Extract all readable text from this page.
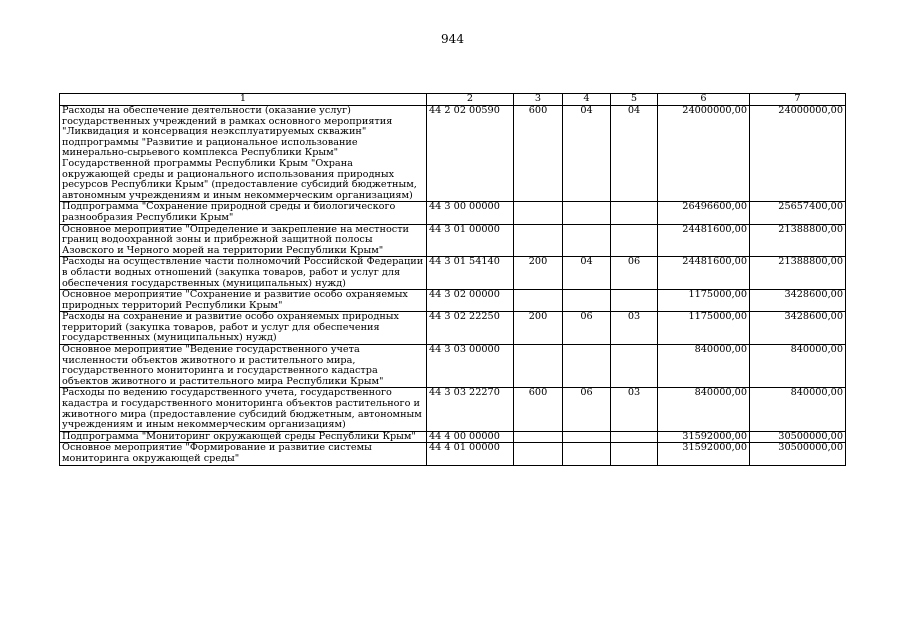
944
1	2	3	4	5	6	7
Расходы на обеспечение деятельности (оказание услуг) государственных учреждений в рамках основного мероприятия "Ликвидация и консервация неэксплуатируемых скважин" подпрограммы "Развитие и рациональное использование минерально-сырьевого комплекса Республики Крым" Государственной программы Республики Крым "Охрана окружающей среды и рационального использования природных ресурсов Республики Крым" (предоставление субсидий бюджетным, автономным учреждениям и иным некоммерческим организациям)	44 2 02 00590	600	04	04	24000000,00	24000000,00
Подпрограмма "Сохранение природной среды и биологического разнообразия Республики Крым"	44 3 00 00000				26496600,00	25657400,00
Основное мероприятие "Определение и закрепление на местности границ водоохранной зоны и прибрежной защитной полосы Азовского и Черного морей на территории Республики Крым"	44 3 01 00000				24481600,00	21388800,00
Расходы на осуществление части полномочий Российской Федерации в области водных отношений (закупка товаров, работ и услуг для обеспечения государственных (муниципальных) нужд)	44 3 01 54140	200	04	06	24481600,00	21388800,00
Основное мероприятие "Сохранение и развитие особо охраняемых природных территорий Республики Крым"	44 3 02 00000				1175000,00	3428600,00
Расходы на сохранение и развитие особо охраняемых природных территорий (закупка товаров, работ и услуг для обеспечения государственных (муниципальных) нужд)	44 3 02 22250	200	06	03	1175000,00	3428600,00
Основное мероприятие "Ведение государственного учета численности объектов животного и растительного мира, государственного мониторинга и государственного кадастра объектов животного и растительного мира Республики Крым"	44 3 03 00000				840000,00	840000,00
Расходы по ведению государственного учета, государственного кадастра и государственного мониторинга объектов растительного и животного мира (предоставление субсидий бюджетным, автономным учреждениям и иным некоммерческим организациям)	44 3 03 22270	600	06	03	840000,00	840000,00
Подпрограмма "Мониторинг окружающей среды Республики Крым"	44 4 00 00000				31592000,00	30500000,00
Основное мероприятие "Формирование и развитие системы мониторинга окружающей среды"	44 4 01 00000				31592000,00	30500000,00
